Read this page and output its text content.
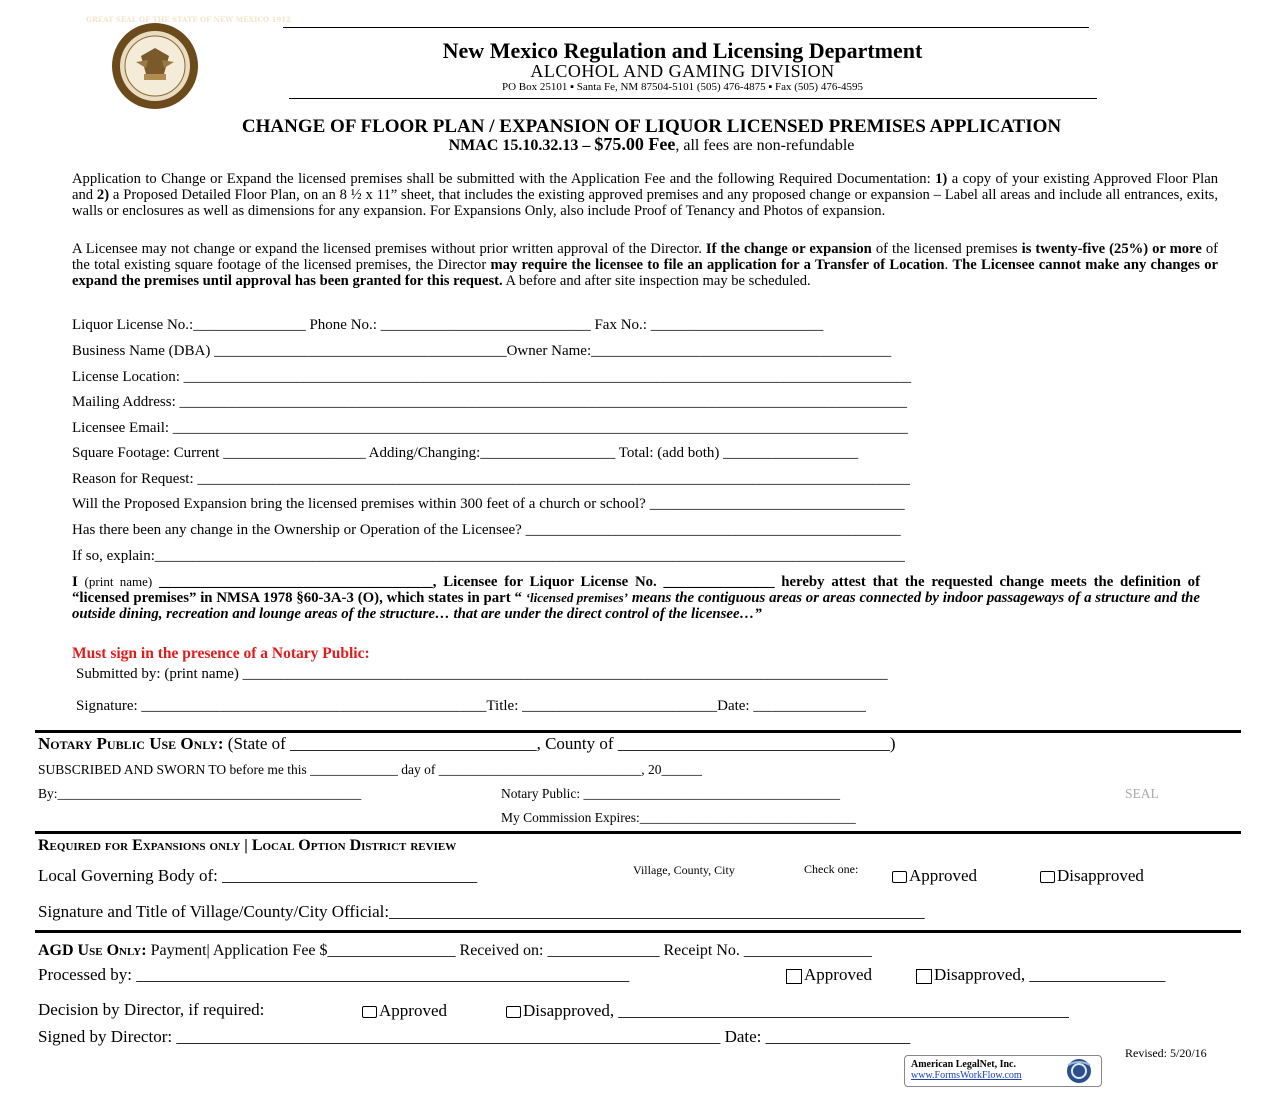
GREAT SEAL OF THE STATE OF NEW MEXICO 1912
New Mexico Regulation and Licensing Department
ALCOHOL AND GAMING DIVISION
PO Box 25101 ▪ Santa Fe, NM 87504-5101 (505) 476-4875 ▪ Fax (505) 476-4595
CHANGE OF FLOOR PLAN / EXPANSION OF LIQUOR LICENSED PREMISES APPLICATION
NMAC 15.10.32.13 – $75.00 Fee, all fees are non-refundable
Application to Change or Expand the licensed premises shall be submitted with the Application Fee and the following Required Documentation: 1) a copy of your existing Approved Floor Plan and 2) a Proposed Detailed Floor Plan, on an 8 ½ x 11” sheet, that includes the existing approved premises and any proposed change or expansion – Label all areas and include all entrances, exits, walls or enclosures as well as dimensions for any expansion. For Expansions Only, also include Proof of Tenancy and Photos of expansion.
A Licensee may not change or expand the licensed premises without prior written approval of the Director. If the change or expansion of the licensed premises is twenty-five (25%) or more of the total existing square footage of the licensed premises, the Director may require the licensee to file an application for a Transfer of Location. The Licensee cannot make any changes or expand the premises until approval has been granted for this request. A before and after site inspection may be scheduled.
Liquor License No.:_______________ Phone No.: ____________________________ Fax No.: _______________________
Business Name (DBA) _______________________________________Owner Name:________________________________________
License Location: _________________________________________________________________________________________________
Mailing Address: _________________________________________________________________________________________________
Licensee Email: __________________________________________________________________________________________________
Square Footage: Current ___________________ Adding/Changing:__________________ Total: (add both) __________________
Reason for Request: _______________________________________________________________________________________________
Will the Proposed Expansion bring the licensed premises within 300 feet of a church or school? __________________________________
Has there been any change in the Ownership or Operation of the Licensee? __________________________________________________
If so, explain:____________________________________________________________________________________________________
I (print name) _____________________________________, Licensee for Liquor License No. _______________ hereby attest that the requested change meets the definition of “licensed premises” in NMSA 1978 §60-3A-3 (O), which states in part “ ‘licensed premises’ means the contiguous areas or areas connected by indoor passageways of a structure and the outside dining, recreation and lounge areas of the structure… that are under the direct control of the licensee…”
Must sign in the presence of a Notary Public:
Submitted by: (print name) ______________________________________________________________________________________
Signature: ______________________________________________Title: __________________________Date: _______________
Notary Public Use Only: (State of _____________________________, County of ________________________________)
SUBSCRIBED AND SWORN TO before me this _____________ day of ______________________________, 20______
By:_____________________________________________	Notary Public: ______________________________________	SEAL
My Commission Expires:________________________________
Required for Expansions only | Local Option District review
Local Governing Body of: ______________________________	Village, County, City	Check one:	Approved	Disapproved
Signature and Title of Village/County/City Official:_______________________________________________________________
AGD Use Only: Payment| Application Fee $________________ Received on: ______________ Receipt No. ________________
Processed by: __________________________________________________________	Approved	Disapproved, ________________
Decision by Director, if required:	Approved	Disapproved, _____________________________________________________
Signed by Director: ________________________________________________________________ Date: _________________
Revised: 5/20/16
American LegalNet, Inc.
www.FormsWorkFlow.com
